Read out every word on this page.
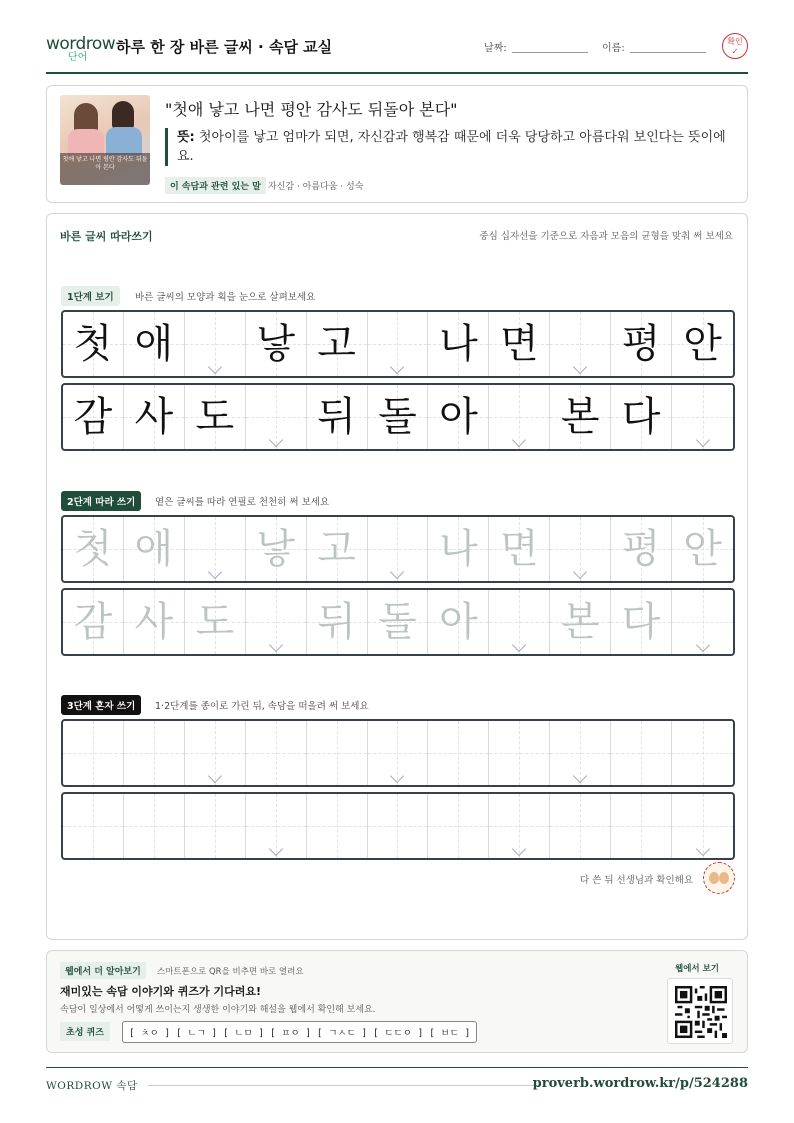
wordrow
단어
하루 한 장 바른 글씨 · 속담 교실	날짜:	이름:
확인
✓
첫애 낳고 나면 평안 감사도 뒤돌아 본다
"첫애 낳고 나면 평안 감사도 뒤돌아 본다"
뜻: 첫아이를 낳고 엄마가 되면, 자신감과 행복감 때문에 더욱 당당하고 아름다워 보인다는 뜻이에요.
이 속담과 관련 있는 말 자신감 · 아름다움 · 성숙
바른 글씨 따라쓰기	중심 십자선을 기준으로 자음과 모음의 균형을 맞춰 써 보세요
1단계 보기	바른 글씨의 모양과 획을 눈으로 살펴보세요
첫 애 낳 고 나 면 평 안
감 사 도 뒤 돌 아 본 다
2단계 따라 쓰기	옅은 글씨를 따라 연필로 천천히 써 보세요
첫 애 낳 고 나 면 평 안
감 사 도 뒤 돌 아 본 다
3단계 혼자 쓰기	1·2단계를 종이로 가린 뒤, 속담을 떠올려 써 보세요
다 쓴 뒤 선생님과 확인해요
웹에서 더 알아보기	스마트폰으로 QR을 비추면 바로 열려요
재미있는 속담 이야기와 퀴즈가 기다려요!
속담이 일상에서 어떻게 쓰이는지 생생한 이야기와 해설을 웹에서 확인해 보세요.
초성 퀴즈	[ ㅊㅇ ] [ ㄴㄱ ] [ ㄴㅁ ] [ ㅍㅇ ] [ ㄱㅅㄷ ] [ ㄷㄷㅇ ] [ ㅂㄷ ]
웹에서 보기
WORDROW 속담	proverb.wordrow.kr/p/524288
